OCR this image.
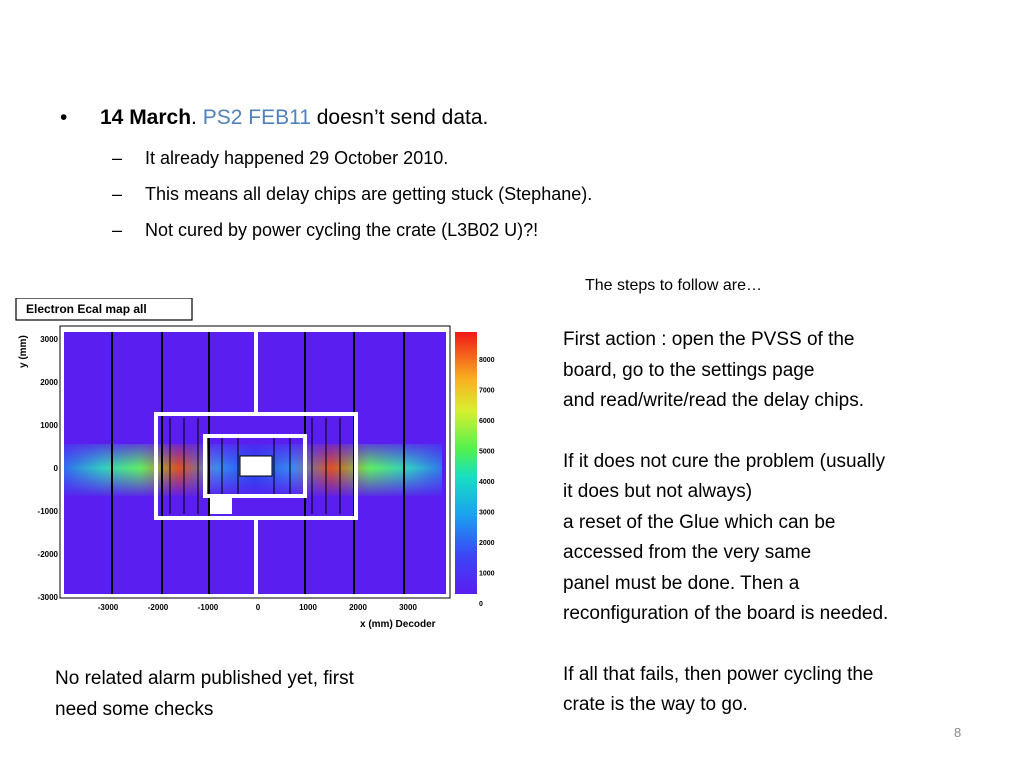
• 14 March. PS2 FEB11 doesn’t send data.
– It already happened 29 October 2010.
– This means all delay chips are getting stuck (Stephane).
– Not cured by power cycling the crate (L3B02 U)?!
The steps to follow are…

First action : open the PVSS of the
board, go to the settings page
and read/write/read the delay chips.

If it does not cure the problem (usually
it does but not always)
a reset of the Glue which can be
accessed from the very same
panel must be done. Then a
reconfiguration of the board is needed.

If all that fails, then power cycling the
crate is the way to go.

No related alarm published yet, first
need some checks
8
Electron Ecal map all
y (mm)
x (mm) Decoder
3000
2000
1000
0
-1000
-2000
-3000
-3000	-2000	-1000	0	1000	2000	3000
8000
7000
6000
5000
4000
3000
2000
1000
0
